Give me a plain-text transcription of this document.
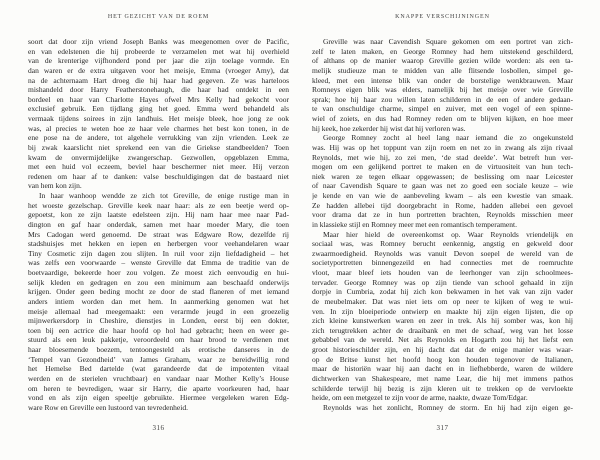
HET GEZICHT VAN DE ROEM
soort dat door zijn vriend Joseph Banks was meegenomen over de Pacific,
en van edelstenen die hij probeerde te verzamelen met wat hij overhield
van de krenterige vijfhonderd pond per jaar die zijn toelage vormde. En
dan waren er de extra uitgaven voor het meisje, Emma (vroeger Amy), dat
na de achternaam Hart droeg die hij haar had gegeven. Ze was harteloos
mishandeld door Harry Featherstonehaugh, die haar had ontdekt in een
bordeel en haar van Charlotte Hayes ofwel Mrs Kelly had gekocht voor
exclusief gebruik. Een tijdlang ging het goed. Emma werd behandeld als
vermaak tijdens soirees in zijn landhuis. Het meisje bleek, hoe jong ze ook
was, al precies te weten hoe ze haar vele charmes het best kon tonen, in de
ene pose na de andere, tot algehele verrukking van zijn vrienden. Leek ze
bij zwak kaarslicht niet sprekend een van die Griekse standbeelden? Toen
kwam de onvermijdelijke zwangerschap. Gezwollen, opgeblazen Emma,
met een huid vol eczeem, beviel haar beschermer niet meer. Hij verzon
redenen om haar af te danken: valse beschuldigingen dat de bastaard niet
van hem kon zijn.
In haar wanhoop wendde ze zich tot Greville, de enige rustige man in
het woeste gezelschap. Greville keek naar haar: als ze een beetje werd op-
gepoetst, kon ze zijn laatste edelsteen zijn. Hij nam haar mee naar Pad-
dington en gaf haar onderdak, samen met haar moeder Mary, die toen
Mrs Cadogan werd genoemd. De straat was Edgware Row, dezelfde rij
stadshuisjes met hekken en iepen en herbergen voor veehandelaren waar
Tiny Cosmetic zijn dagen zou slijten. In ruil voor zijn liefdadigheid – het
was zelfs een voorwaarde – wenste Greville dat Emma de traditie van de
boetvaardige, bekeerde hoer zou volgen. Ze moest zich eenvoudig en hui-
selijk kleden en gedragen en zou een minimum aan beschaafd onderwijs
krijgen. Onder geen beding mocht ze door de stad flaneren of met iemand
anders intiem worden dan met hem. In aanmerking genomen wat het
meisje allemaal had meegemaakt: een verarmde jeugd in een groezelig
mijnwerkersdorp in Cheshire, dienstjes in Londen, eerst bij een dokter,
toen bij een actrice die haar hoofd op hol had gebracht; heen en weer ge-
stuurd als een leuk pakketje, veroordeeld om haar brood te verdienen met
haar bloesemende boezem, tentoongesteld als erotische danseres in de
‘Tempel van Gezondheid’ van James Graham, waar ze bereidwillig rond
het Hemelse Bed dartelde (wat garandeerde dat de impotenten vitaal
werden en de sterielen vruchtbaar) en vandaar naar Mother Kelly’s House
om heren te bevredigen, waar sir Harry, die aparte voorkeuren had, haar
vond en als zijn eigen speeltje gebruikte. Hiermee vergeleken waren Edg-
ware Row en Greville een lustoord van tevredenheid.
316
KNAPPE VERSCHIJNINGEN
Greville was naar Cavendish Square gekomen om een portret van zich-
zelf te laten maken, en George Romney had hem uitstekend geschilderd,
of althans op de manier waarop Greville gezien wilde worden: als een ta-
melijk studieuze man te midden van alle flitsende losbollen, simpel ge-
kleed, met een intense blik van onder de borstelige wenkbrauwen. Maar
Romneys eigen blik was elders, namelijk bij het meisje over wie Greville
sprak; hoe hij haar zou willen laten schilderen in de een of andere gedaan-
te van onschuldige charme, simpel en zuiver, met een vogel of een spinne-
wiel of zoiets, en dus had Romney reden om te blijven kijken, en hoe meer
hij keek, hoe zekerder hij wist dat hij verloren was.
George Romney zocht al heel lang naar iemand die zo ongekunsteld
was. Hij was op het toppunt van zijn roem en net zo in zwang als zijn rivaal
Reynolds, met wie hij, zo zei men, ‘de stad deelde’. Wat betreft hun ver-
mogen om een gelijkend portret te maken en de virtuositeit van hun tech-
niek waren ze tegen elkaar opgewassen; de beslissing om naar Leicester
of naar Cavendish Square te gaan was net zo goed een sociale keuze – wie
je kende en van wie de aanbeveling kwam – als een kwestie van smaak.
Ze hadden allebei tijd doorgebracht in Rome, hadden allebei een gevoel
voor drama dat ze in hun portretten brachten, Reynolds misschien meer
in klassieke stijl en Romney meer met een romantisch temperament.
Maar hier hield de overeenkomst op. Waar Reynolds vriendelijk en
sociaal was, was Romney berucht eenkennig, angstig en gekweld door
zwaarmoedigheid. Reynolds was vanuit Devon soepel de wereld van de
societyportretten binnengezeild en had connecties met de roemruchte
vloot, maar bleef iets houden van de leerhonger van zijn schoolmees-
tervader. George Romney was op zijn tiende van school gehaald in zijn
dorpje in Cumbria, zodat hij zich kon bekwamen in het vak van zijn vader
de meubelmaker. Dat was niet iets om op neer te kijken of weg te wui-
ven. In zijn bloeiperiode ontwierp en maakte hij zijn eigen lijsten, die op
zich kleine kunstwerken waren en zeer in trek. Als hij somber was, kon hij
zich terugtrekken achter de draaibank en met de schaaf, weg van het losse
gebabbel van de wereld. Net als Reynolds en Hogarth zou hij het liefst een
groot historieschilder zijn, en hij dacht dat dat de enige manier was waar-
op de Britse kunst het hoofd hoog kon houden tegenover de Italianen,
maar de historiën waar hij aan dacht en in liefhebberde, waren de wildere
dichtwerken van Shakespeare, met name Lear, die hij met immens pathos
schilderde terwijl hij bezig is zijn kleren uit te trekken op de vervloekte
heide, om een metgezel te zijn voor de arme, naakte, dwaze Tom/Edgar.
Reynolds was het zonlicht, Romney de storm. En hij had zijn eigen ge-
317
